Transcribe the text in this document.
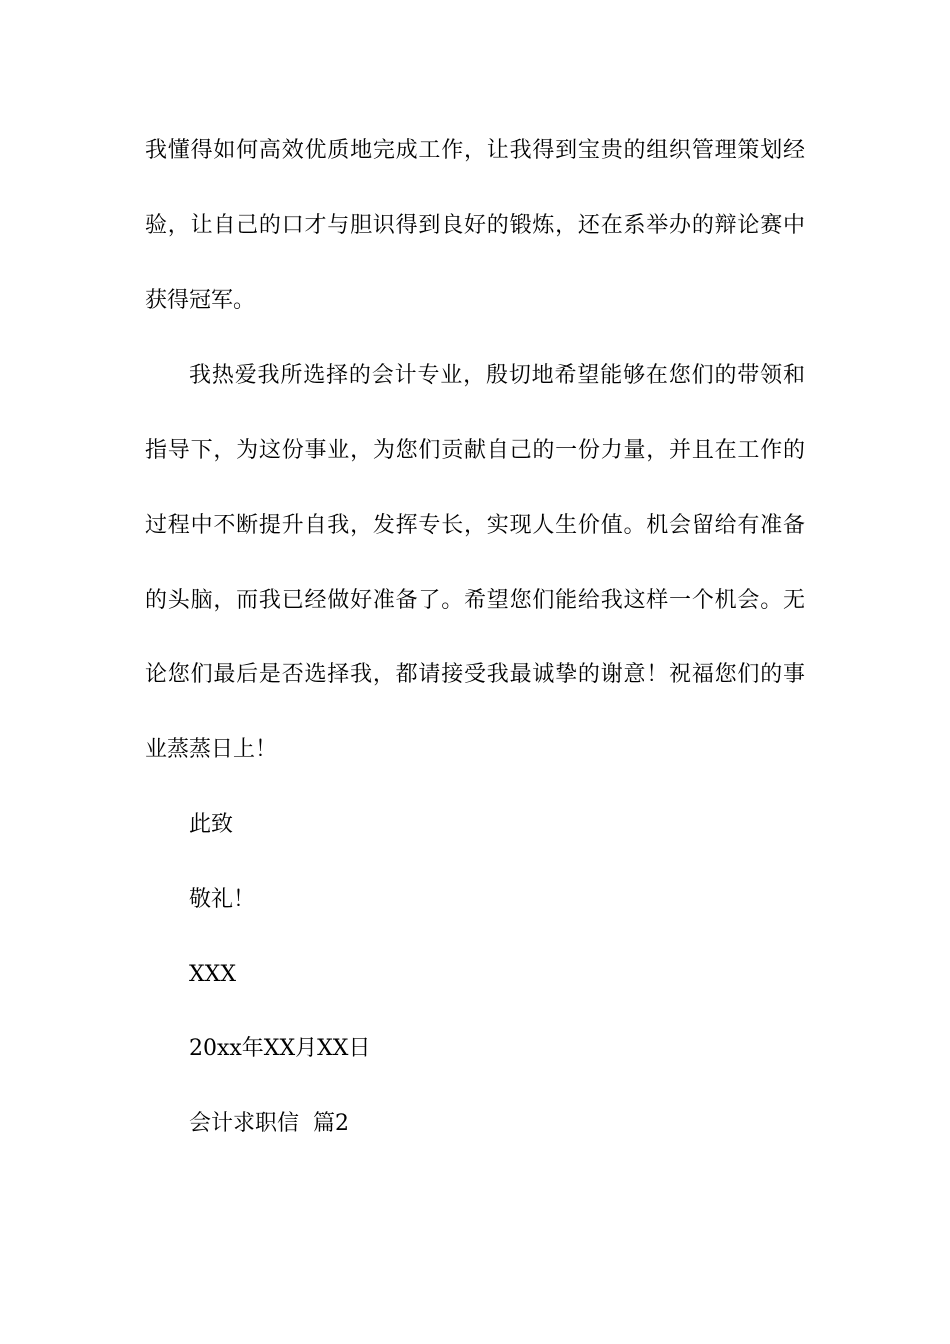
我懂得如何高效优质地完成工作，让我得到宝贵的组织管理策划经
验，让自己的口才与胆识得到良好的锻炼，还在系举办的辩论赛中
获得冠军。
我热爱我所选择的会计专业，殷切地希望能够在您们的带领和
指导下，为这份事业，为您们贡献自己的一份力量，并且在工作的
过程中不断提升自我，发挥专长，实现人生价值。机会留给有准备
的头脑，而我已经做好准备了。希望您们能给我这样一个机会。无
论您们最后是否选择我，都请接受我最诚挚的谢意！祝福您们的事
业蒸蒸日上！
此致
敬礼！
XXX
20xx年XX月XX日
会计求职信  篇2
